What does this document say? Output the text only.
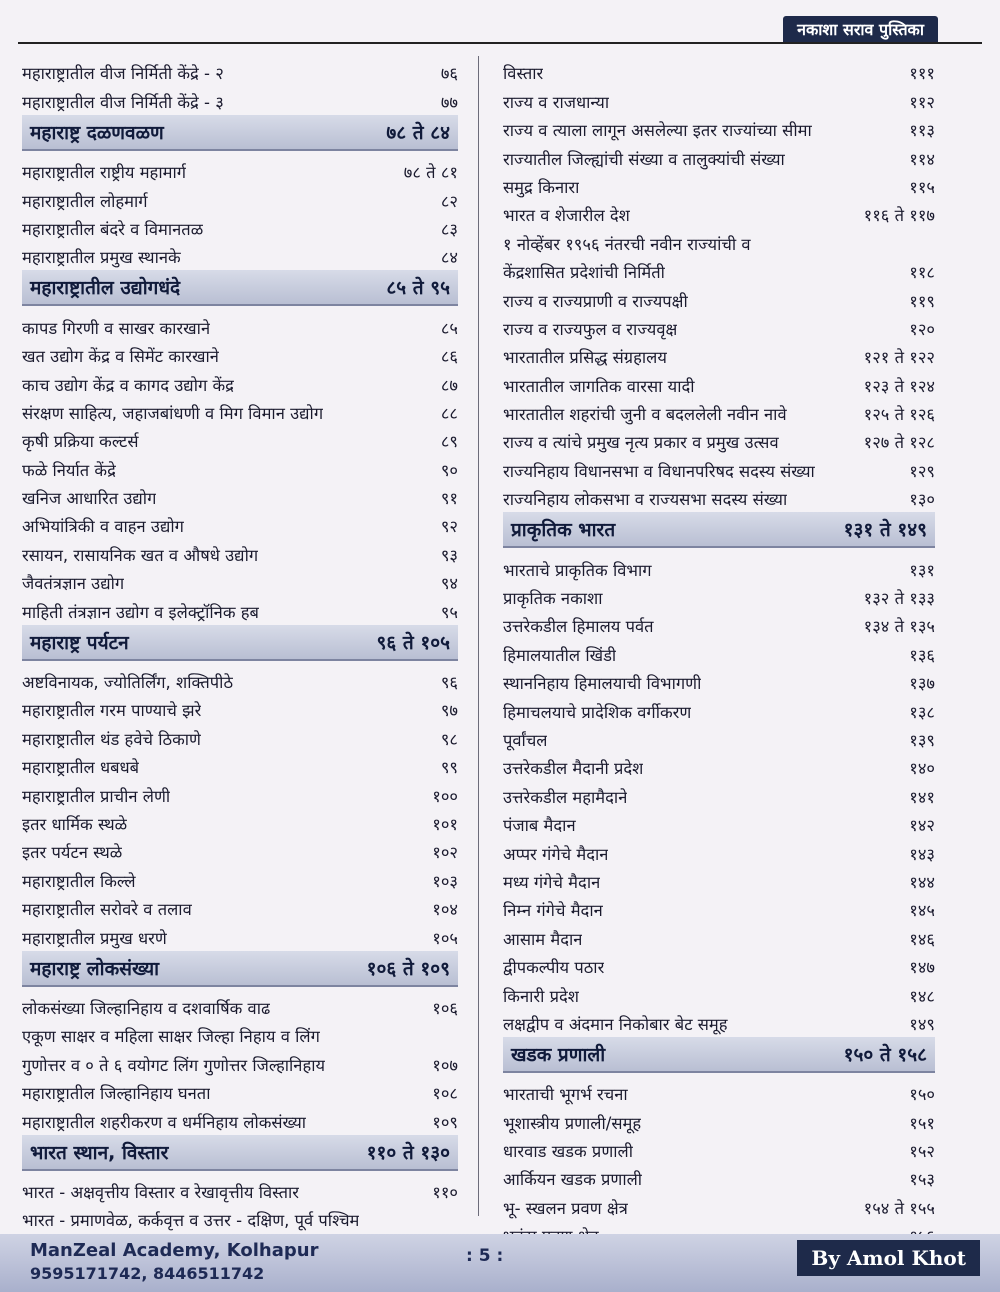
नकाशा सराव पुस्तिका
महाराष्ट्रातील वीज निर्मिती केंद्रे - २	७६
महाराष्ट्रातील वीज निर्मिती केंद्रे - ३	७७
महाराष्ट्र दळणवळण	७८ ते ८४
महाराष्ट्रातील राष्ट्रीय महामार्ग	७८ ते ८१
महाराष्ट्रातील लोहमार्ग	८२
महाराष्ट्रातील बंदरे व विमानतळ	८३
महाराष्ट्रातील प्रमुख स्थानके	८४
महाराष्ट्रातील उद्योगधंदे	८५ ते ९५
कापड गिरणी व साखर कारखाने	८५
खत उद्योग केंद्र व सिमेंट कारखाने	८६
काच उद्योग केंद्र व कागद उद्योग केंद्र	८७
संरक्षण साहित्य, जहाजबांधणी व मिग विमान उद्योग	८८
कृषी प्रक्रिया कल्टर्स	८९
फळे निर्यात केंद्रे	९०
खनिज आधारित उद्योग	९१
अभियांत्रिकी व वाहन उद्योग	९२
रसायन, रासायनिक खत व औषधे उद्योग	९३
जैवतंत्रज्ञान उद्योग	९४
माहिती तंत्रज्ञान उद्योग व इलेक्ट्रॉनिक हब	९५
महाराष्ट्र पर्यटन	९६ ते १०५
अष्टविनायक, ज्योतिर्लिंग, शक्तिपीठे	९६
महाराष्ट्रातील गरम पाण्याचे झरे	९७
महाराष्ट्रातील थंड हवेचे ठिकाणे	९८
महाराष्ट्रातील धबधबे	९९
महाराष्ट्रातील प्राचीन लेणी	१००
इतर धार्मिक स्थळे	१०१
इतर पर्यटन स्थळे	१०२
महाराष्ट्रातील किल्ले	१०३
महाराष्ट्रातील सरोवरे व तलाव	१०४
महाराष्ट्रातील प्रमुख धरणे	१०५
महाराष्ट्र लोकसंख्या	१०६ ते १०९
लोकसंख्या जिल्हानिहाय व दशवार्षिक वाढ	१०६
एकूण साक्षर व महिला साक्षर जिल्हा निहाय व लिंग
गुणोत्तर व ० ते ६ वयोगट लिंग गुणोत्तर जिल्हानिहाय	१०७
महाराष्ट्रातील जिल्हानिहाय घनता	१०८
महाराष्ट्रातील शहरीकरण व धर्मनिहाय लोकसंख्या	१०९
भारत स्थान, विस्तार	११० ते १३०
भारत - अक्षवृत्तीय विस्तार व रेखावृत्तीय विस्तार	११०
भारत - प्रमाणवेळ, कर्कवृत्त व उत्तर - दक्षिण, पूर्व पश्चिम
विस्तार	१११
राज्य व राजधान्या	११२
राज्य व त्याला लागून असलेल्या इतर राज्यांच्या सीमा	११३
राज्यातील जिल्ह्यांची संख्या व तालुक्यांची संख्या	११४
समुद्र किनारा	११५
भारत व शेजारील देश	११६ ते ११७
१ नोव्हेंबर १९५६ नंतरची नवीन राज्यांची व
केंद्रशासित प्रदेशांची निर्मिती	११८
राज्य व राज्यप्राणी व राज्यपक्षी	११९
राज्य व राज्यफुल व राज्यवृक्ष	१२०
भारतातील प्रसिद्ध संग्रहालय	१२१ ते १२२
भारतातील जागतिक वारसा यादी	१२३ ते १२४
भारतातील शहरांची जुनी व बदललेली नवीन नावे	१२५ ते १२६
राज्य व त्यांचे प्रमुख नृत्य प्रकार व प्रमुख उत्सव	१२७ ते १२८
राज्यनिहाय विधानसभा व विधानपरिषद सदस्य संख्या	१२९
राज्यनिहाय लोकसभा व राज्यसभा सदस्य संख्या	१३०
प्राकृतिक भारत	१३१ ते १४९
भारताचे प्राकृतिक विभाग	१३१
प्राकृतिक नकाशा	१३२ ते १३३
उत्तरेकडील हिमालय पर्वत	१३४ ते १३५
हिमालयातील खिंडी	१३६
स्थाननिहाय हिमालयाची विभागणी	१३७
हिमाचलयाचे प्रादेशिक वर्गीकरण	१३८
पूर्वांचल	१३९
उत्तरेकडील मैदानी प्रदेश	१४०
उत्तरेकडील महामैदाने	१४१
पंजाब मैदान	१४२
अप्पर गंगेचे मैदान	१४३
मध्य गंगेचे मैदान	१४४
निम्न गंगेचे मैदान	१४५
आसाम मैदान	१४६
द्वीपकल्पीय पठार	१४७
किनारी प्रदेश	१४८
लक्षद्वीप व अंदमान निकोबार बेट समूह	१४९
खडक प्रणाली	१५० ते १५८
भारताची भूगर्भ रचना	१५०
भूशास्त्रीय प्रणाली/समूह	१५१
धारवाड खडक प्रणाली	१५२
आर्कियन खडक प्रणाली	१५३
भू- स्खलन प्रवण क्षेत्र	१५४ ते १५५
ManZeal Academy, Kolhapur
9595171742, 8446511742
: 5 :	By Amol Khot
